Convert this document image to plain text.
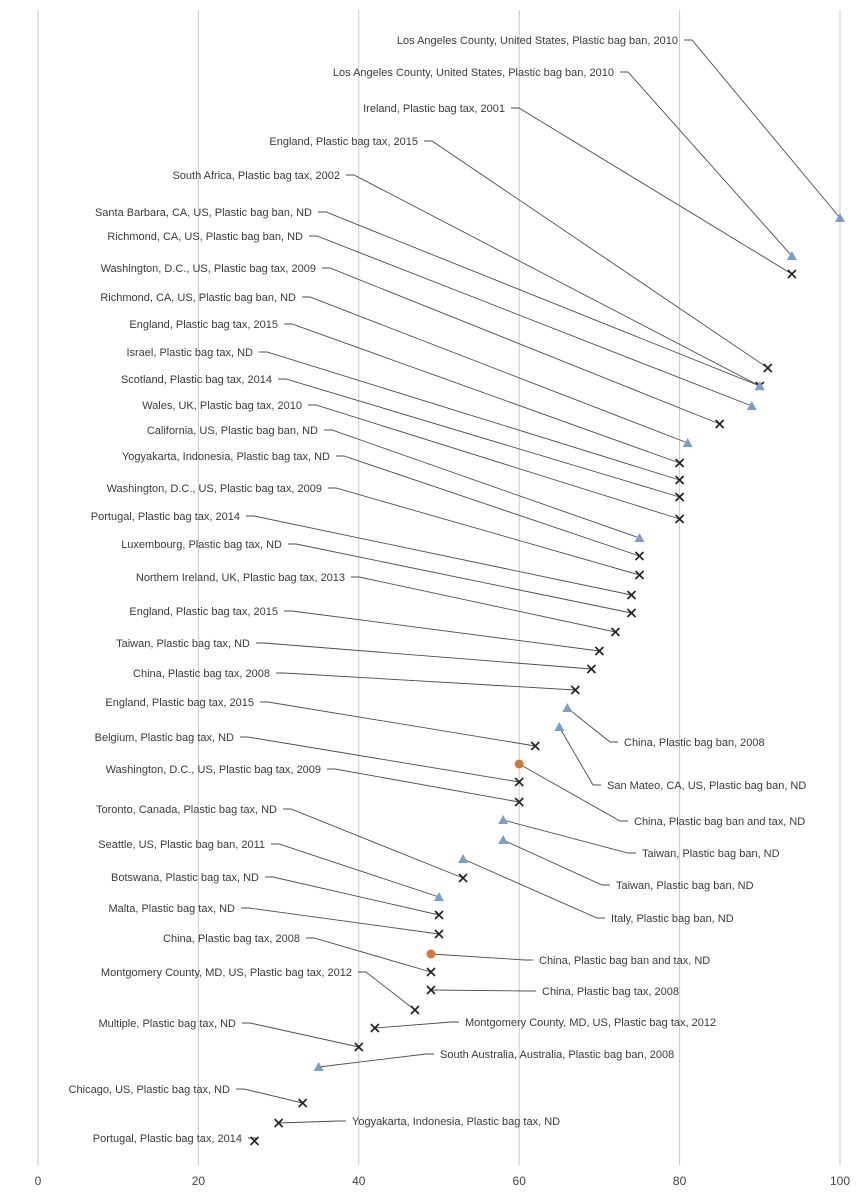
Los Angeles County, United States, Plastic bag ban, 2010
Los Angeles County, United States, Plastic bag ban, 2010
Ireland, Plastic bag tax, 2001
England, Plastic bag tax, 2015
South Africa, Plastic bag tax, 2002
Santa Barbara, CA, US, Plastic bag ban, ND
Richmond, CA, US, Plastic bag ban, ND
Washington, D.C., US, Plastic bag tax, 2009
Richmond, CA, US, Plastic bag ban, ND
England, Plastic bag tax, 2015
Israel, Plastic bag tax, ND
Scotland, Plastic bag tax, 2014
Wales, UK, Plastic bag tax, 2010
California, US, Plastic bag ban, ND
Yogyakarta, Indonesia, Plastic bag tax, ND
Washington, D.C., US, Plastic bag tax, 2009
Portugal, Plastic bag tax, 2014
Luxembourg, Plastic bag tax, ND
Northern Ireland, UK, Plastic bag tax, 2013
England, Plastic bag tax, 2015
Taiwan, Plastic bag tax, ND
China, Plastic bag tax, 2008
China, Plastic bag ban, 2008
San Mateo, CA, US, Plastic bag ban, ND
England, Plastic bag tax, 2015
China, Plastic bag ban and tax, ND
Belgium, Plastic bag tax, ND
Washington, D.C., US, Plastic bag tax, 2009
Taiwan, Plastic bag ban, ND
Taiwan, Plastic bag ban, ND
Italy, Plastic bag ban, ND
Toronto, Canada, Plastic bag tax, ND
Seattle, US, Plastic bag ban, 2011
Botswana, Plastic bag tax, ND
Malta, Plastic bag tax, ND
China, Plastic bag ban and tax, ND
China, Plastic bag tax, 2008
China, Plastic bag tax, 2008
Montgomery County, MD, US, Plastic bag tax, 2012
Montgomery County, MD, US, Plastic bag tax, 2012
Multiple, Plastic bag tax, ND
South Australia, Australia, Plastic bag ban, 2008
Chicago, US, Plastic bag tax, ND
Yogyakarta, Indonesia, Plastic bag tax, ND
Portugal, Plastic bag tax, 2014
0	20	40	60	80	100
